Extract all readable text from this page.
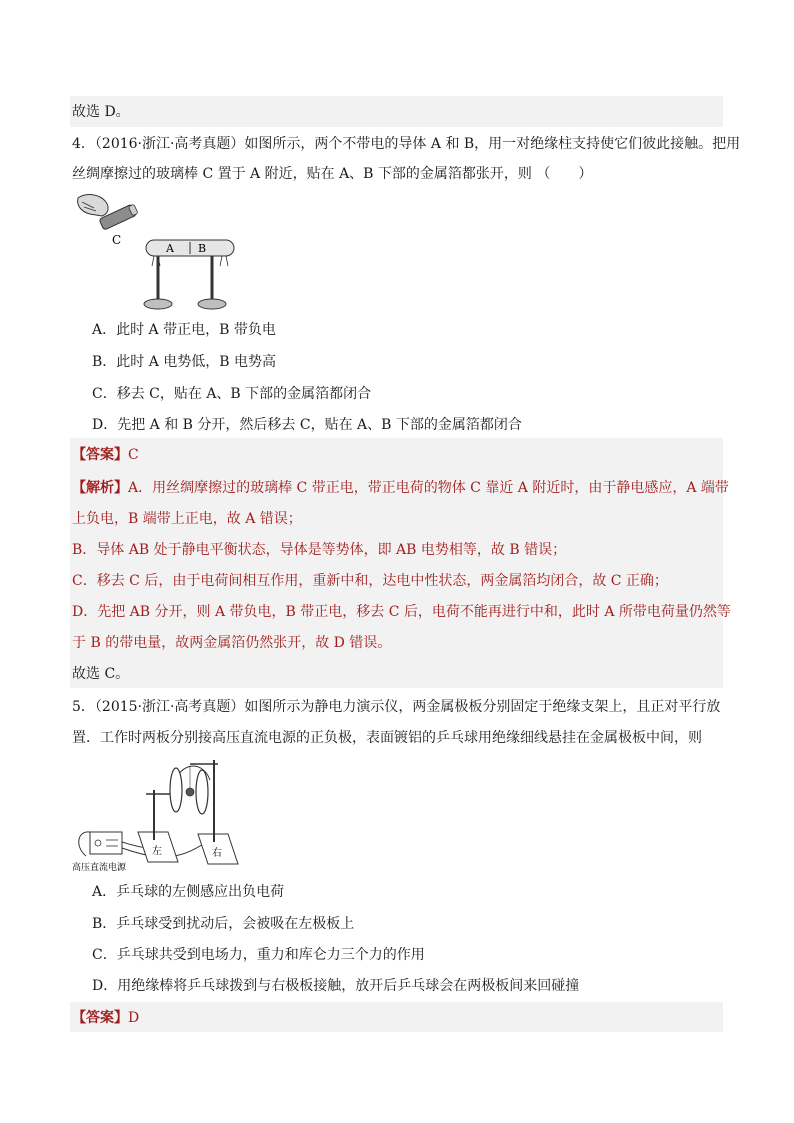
故选 D。
4．（2016·浙江·高考真题）如图所示，两个不带电的导体 A 和 B，用一对绝缘柱支持使它们彼此接触。把用
丝绸摩擦过的玻璃棒 C 置于 A 附近，贴在 A、B 下部的金属箔都张开，则 （　　）
C
A B
A．此时 A 带正电，B 带负电
B．此时 A 电势低，B 电势高
C．移去 C，贴在 A、B 下部的金属箔都闭合
D．先把 A 和 B 分开，然后移去 C，贴在 A、B 下部的金属箔都闭合
【答案】C
【解析】A．用丝绸摩擦过的玻璃棒 C 带正电，带正电荷的物体 C 靠近 A 附近时，由于静电感应，A 端带
上负电，B 端带上正电，故 A 错误；
B．导体 AB 处于静电平衡状态，导体是等势体，即 AB 电势相等，故 B 错误；
C．移去 C 后，由于电荷间相互作用，重新中和，达电中性状态，两金属箔均闭合，故 C 正确；
D．先把 AB 分开，则 A 带负电，B 带正电，移去 C 后，电荷不能再进行中和，此时 A 所带电荷量仍然等
于 B 的带电量，故两金属箔仍然张开，故 D 错误。
故选 C。
5．（2015·浙江·高考真题）如图所示为静电力演示仪，两金属极板分别固定于绝缘支架上，且正对平行放
置．工作时两板分别接高压直流电源的正负极，表面镀铝的乒乓球用绝缘细线悬挂在金属极板中间，则
高压直流电源
左	右
A．乒乓球的左侧感应出负电荷
B．乒乓球受到扰动后，会被吸在左极板上
C．乒乓球共受到电场力，重力和库仑力三个力的作用
D．用绝缘棒将乒乓球拨到与右极板接触，放开后乒乓球会在两极板间来回碰撞
【答案】D
